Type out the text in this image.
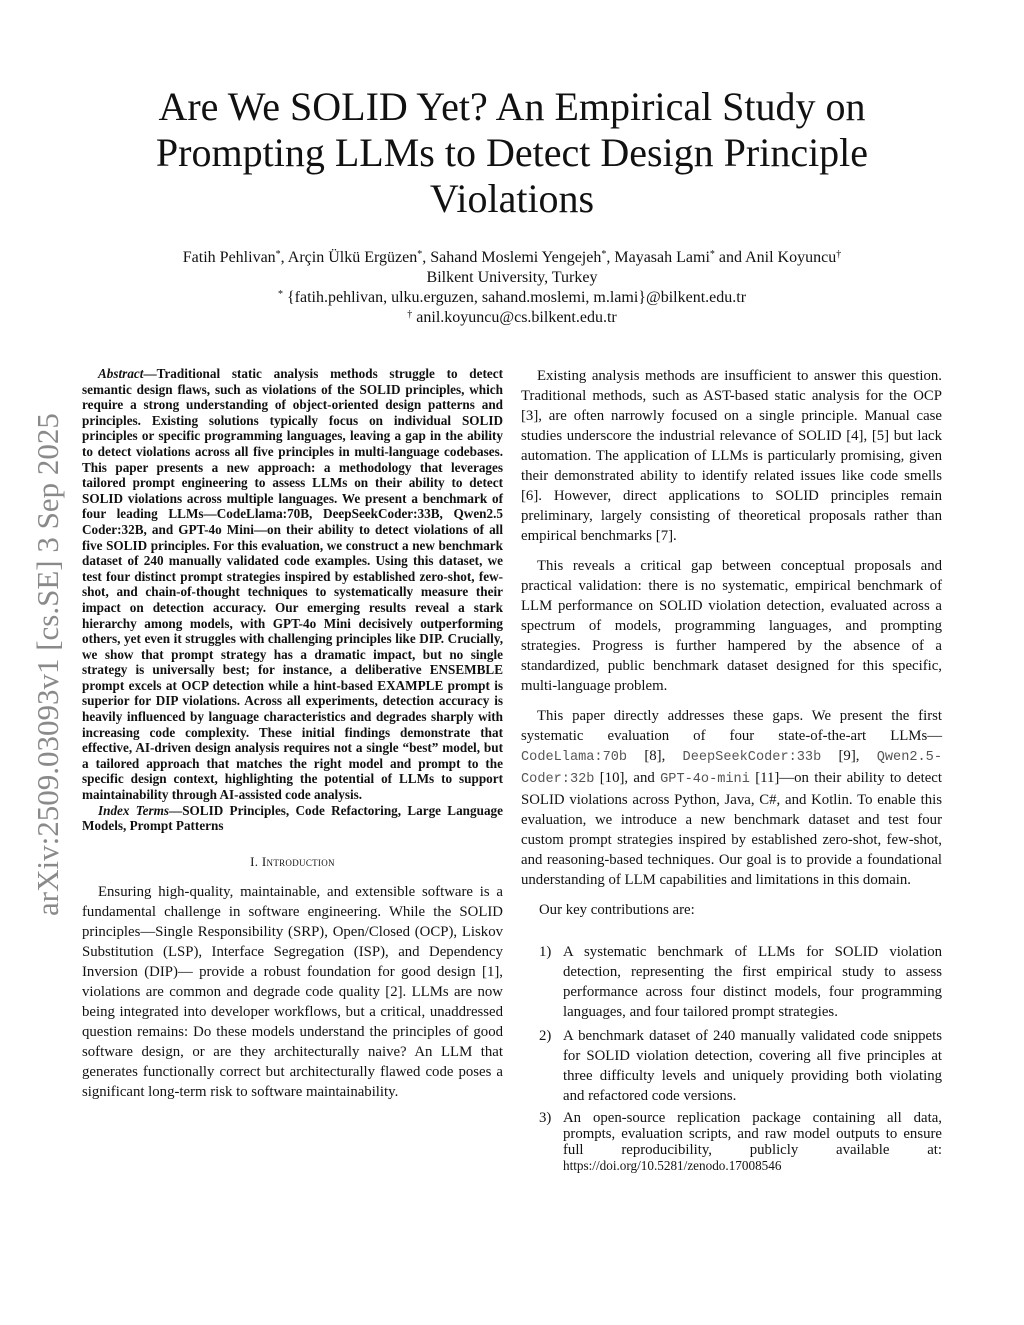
arXiv:2509.03093v1 [cs.SE] 3 Sep 2025
Are We SOLID Yet? An Empirical Study on
Prompting LLMs to Detect Design Principle
Violations
Fatih Pehlivan*, Arçin Ülkü Ergüzen*, Sahand Moslemi Yengejeh*, Mayasah Lami* and Anil Koyuncu†
Bilkent University, Turkey
* {fatih.pehlivan, ulku.erguzen, sahand.moslemi, m.lami}@bilkent.edu.tr
† anil.koyuncu@cs.bilkent.edu.tr

Abstract—Traditional static analysis methods struggle to detect semantic design flaws, such as violations of the SOLID principles, which require a strong understanding of object-oriented design patterns and principles. Existing solutions typically focus on individual SOLID principles or specific programming languages, leaving a gap in the ability to detect violations across all five principles in multi-language codebases. This paper presents a new approach: a methodology that leverages tailored prompt engineering to assess LLMs on their ability to detect SOLID violations across multiple languages. We present a benchmark of four leading LLMs—CodeLlama:70B, DeepSeekCoder:33B, Qwen2.5 Coder:32B, and GPT-4o Mini—on their ability to detect violations of all five SOLID principles. For this evaluation, we construct a new benchmark dataset of 240 manually validated code examples. Using this dataset, we test four distinct prompt strategies inspired by established zero-shot, few-shot, and chain-of-thought techniques to systematically measure their impact on detection accuracy. Our emerging results reveal a stark hierarchy among models, with GPT-4o Mini decisively outperforming others, yet even it struggles with challenging principles like DIP. Crucially, we show that prompt strategy has a dramatic impact, but no single strategy is universally best; for instance, a deliberative ENSEMBLE prompt excels at OCP detection while a hint-based EXAMPLE prompt is superior for DIP violations. Across all experiments, detection accuracy is heavily influenced by language characteristics and degrades sharply with increasing code complexity. These initial findings demonstrate that effective, AI-driven design analysis requires not a single “best” model, but a tailored approach that matches the right model and prompt to the specific design context, highlighting the potential of LLMs to support maintainability through AI-assisted code analysis.

Index Terms—SOLID Principles, Code Refactoring, Large Language Models, Prompt Patterns

I. Introduction

Ensuring high-quality, maintainable, and extensible software is a fundamental challenge in software engineering. While the SOLID principles—Single Responsibility (SRP), Open/Closed (OCP), Liskov Substitution (LSP), Interface Segregation (ISP), and Dependency Inversion (DIP)— provide a robust foundation for good design [1], violations are common and degrade code quality [2]. LLMs are now being integrated into developer workflows, but a critical, unaddressed question remains: Do these models understand the principles of good software design, or are they architecturally naive? An LLM that generates functionally correct but architecturally flawed code poses a significant long-term risk to software maintainability.

Existing analysis methods are insufficient to answer this question. Traditional methods, such as AST-based static analysis for the OCP [3], are often narrowly focused on a single principle. Manual case studies underscore the industrial relevance of SOLID [4], [5] but lack automation. The application of LLMs is particularly promising, given their demonstrated ability to identify related issues like code smells [6]. However, direct applications to SOLID principles remain preliminary, largely consisting of theoretical proposals rather than empirical benchmarks [7].

This reveals a critical gap between conceptual proposals and practical validation: there is no systematic, empirical benchmark of LLM performance on SOLID violation detection, evaluated across a spectrum of models, programming languages, and prompting strategies. Progress is further hampered by the absence of a standardized, public benchmark dataset designed for this specific, multi-language problem.

This paper directly addresses these gaps. We present the first systematic evaluation of four state-of-the-art LLMs—CodeLlama:70b [8], DeepSeekCoder:33b [9], Qwen2.5-Coder:32b [10], and GPT-4o-mini [11]—on their ability to detect SOLID violations across Python, Java, C#, and Kotlin. To enable this evaluation, we introduce a new benchmark dataset and test four custom prompt strategies inspired by established zero-shot, few-shot, and reasoning-based techniques. Our goal is to provide a foundational understanding of LLM capabilities and limitations in this domain.

Our key contributions are:

1) A systematic benchmark of LLMs for SOLID violation detection, representing the first empirical study to assess performance across four distinct models, four programming languages, and four tailored prompt strategies.
2) A benchmark dataset of 240 manually validated code snippets for SOLID violation detection, covering all five principles at three difficulty levels and uniquely providing both violating and refactored code versions.
3) An open-source replication package containing all data, prompts, evaluation scripts, and raw model outputs to ensure full reproducibility, publicly available at: https://doi.org/10.5281/zenodo.17008546
